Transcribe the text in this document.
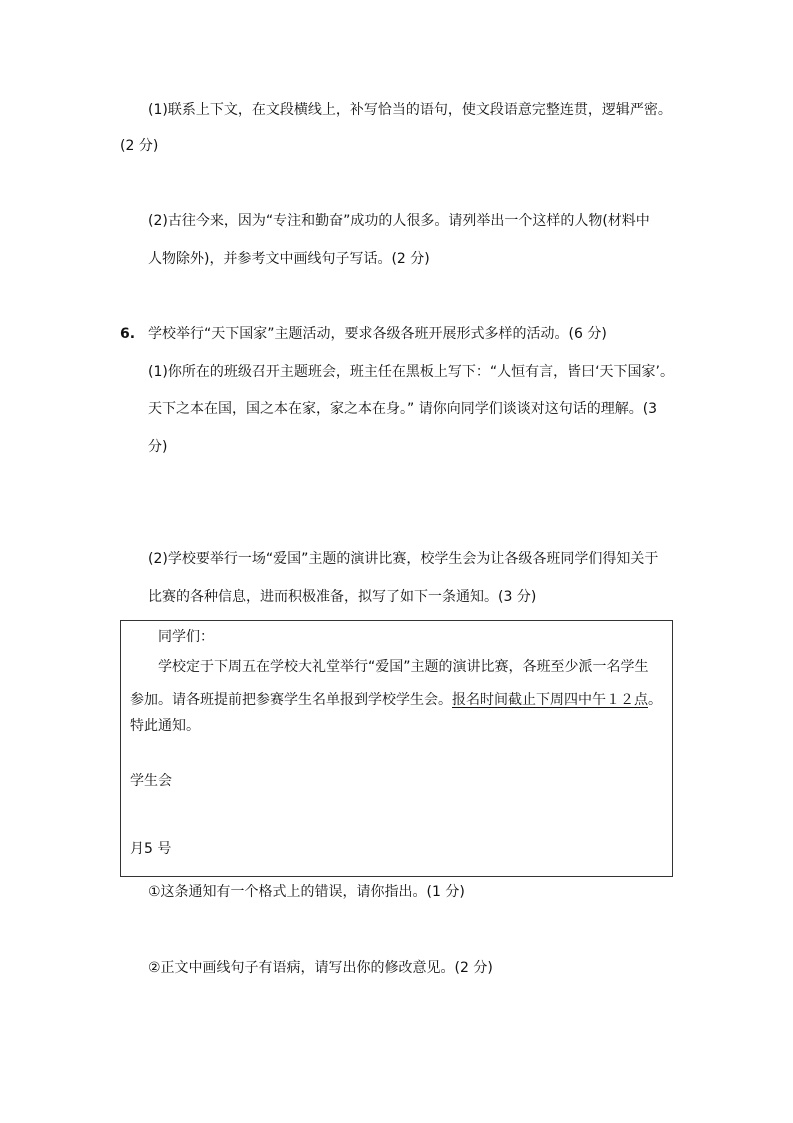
(1)联系上下文，在文段横线上，补写恰当的语句，使文段语意完整连贯，逻辑严密。
(2 分)
(2)古往今来，因为“专注和勤奋”成功的人很多。请列举出一个这样的人物(材料中
人物除外)，并参考文中画线句子写话。(2 分)
6. 学校举行“天下国家”主题活动，要求各级各班开展形式多样的活动。(6 分)
(1)你所在的班级召开主题班会，班主任在黑板上写下：“人恒有言，皆曰‘天下国家’。
天下之本在国，国之本在家，家之本在身。” 请你向同学们谈谈对这句话的理解。(3
分)
(2)学校要举行一场“爱国”主题的演讲比赛，校学生会为让各级各班同学们得知关于
比赛的各种信息，进而积极准备，拟写了如下一条通知。(3 分)
同学们：
学校定于下周五在学校大礼堂举行“爱国”主题的演讲比赛，各班至少派一名学生
参加。请各班提前把参赛学生名单报到学校学生会。报名时间截止下周四中午１２点。
特此通知。
学生会
月5 号
①这条通知有一个格式上的错误，请你指出。(1 分)
②正文中画线句子有语病，请写出你的修改意见。(2 分)
